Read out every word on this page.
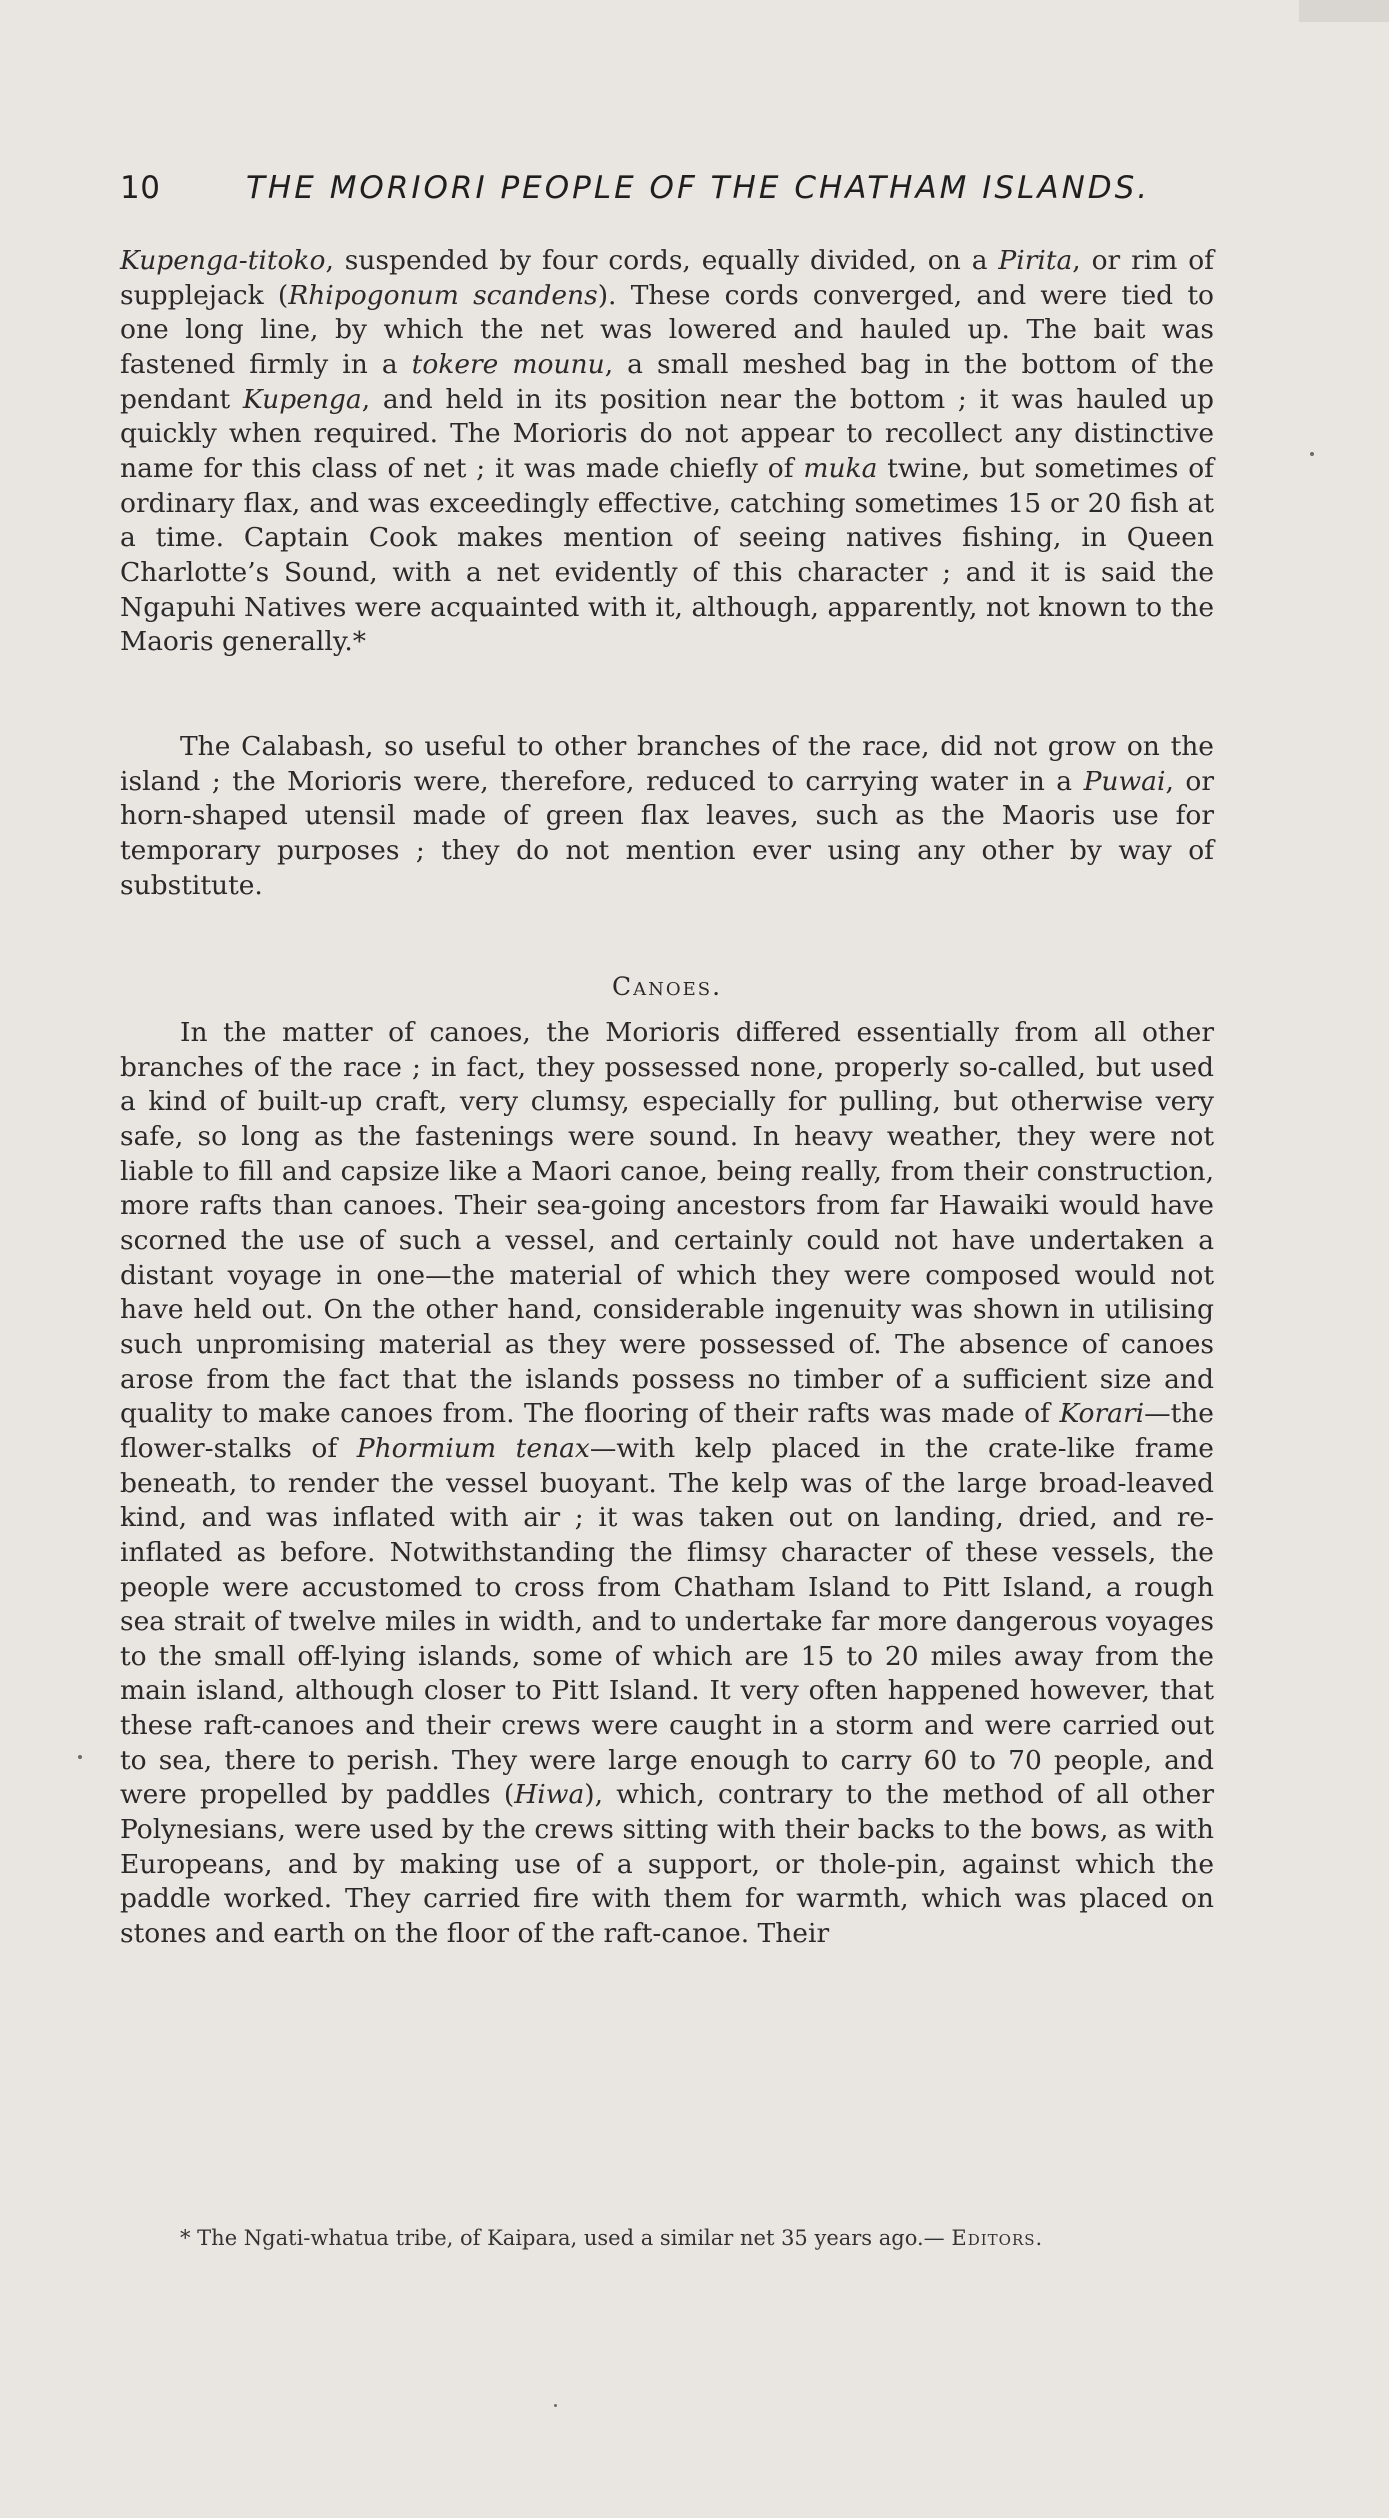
10	THE MORIORI PEOPLE OF THE CHATHAM ISLANDS.

Kupenga-titoko, suspended by four cords, equally divided, on a Pirita, or rim of supplejack (Rhipogonum scandens). These cords converged, and were tied to one long line, by which the net was lowered and hauled up. The bait was fastened firmly in a tokere mounu, a small meshed bag in the bottom of the pendant Kupenga, and held in its position near the bottom ; it was hauled up quickly when required. The Morioris do not appear to recollect any distinctive name for this class of net ; it was made chiefly of muka twine, but sometimes of ordinary flax, and was exceedingly effective, catching sometimes 15 or 20 fish at a time. Captain Cook makes mention of seeing natives fishing, in Queen Charlotte’s Sound, with a net evidently of this character ; and it is said the Ngapuhi Natives were acquainted with it, although, apparently, not known to the Maoris generally.*

The Calabash, so useful to other branches of the race, did not grow on the island ; the Morioris were, therefore, reduced to carrying water in a Puwai, or horn-shaped utensil made of green flax leaves, such as the Maoris use for temporary purposes ; they do not mention ever using any other by way of substitute.

Canoes.

In the matter of canoes, the Morioris differed essentially from all other branches of the race ; in fact, they possessed none, properly so-called, but used a kind of built-up craft, very clumsy, especially for pulling, but otherwise very safe, so long as the fastenings were sound. In heavy weather, they were not liable to fill and capsize like a Maori canoe, being really, from their construction, more rafts than canoes. Their sea-going ancestors from far Hawaiki would have scorned the use of such a vessel, and certainly could not have undertaken a distant voyage in one—the material of which they were composed would not have held out. On the other hand, considerable ingenuity was shown in utilising such unpromising material as they were possessed of. The absence of canoes arose from the fact that the islands possess no timber of a sufficient size and quality to make canoes from. The flooring of their rafts was made of Korari—the flower-stalks of Phormium tenax—with kelp placed in the crate-like frame beneath, to render the vessel buoyant. The kelp was of the large broad-leaved kind, and was inflated with air ; it was taken out on landing, dried, and re-inflated as before. Notwithstanding the flimsy character of these vessels, the people were accustomed to cross from Chatham Island to Pitt Island, a rough sea strait of twelve miles in width, and to undertake far more dangerous voyages to the small off-lying islands, some of which are 15 to 20 miles away from the main island, although closer to Pitt Island. It very often happened however, that these raft-canoes and their crews were caught in a storm and were carried out to sea, there to perish. They were large enough to carry 60 to 70 people, and were propelled by paddles (Hiwa), which, contrary to the method of all other Polynesians, were used by the crews sitting with their backs to the bows, as with Europeans, and by making use of a support, or thole-pin, against which the paddle worked. They carried fire with them for warmth, which was placed on stones and earth on the floor of the raft-canoe. Their

* The Ngati-whatua tribe, of Kaipara, used a similar net 35 years ago.— Editors.
